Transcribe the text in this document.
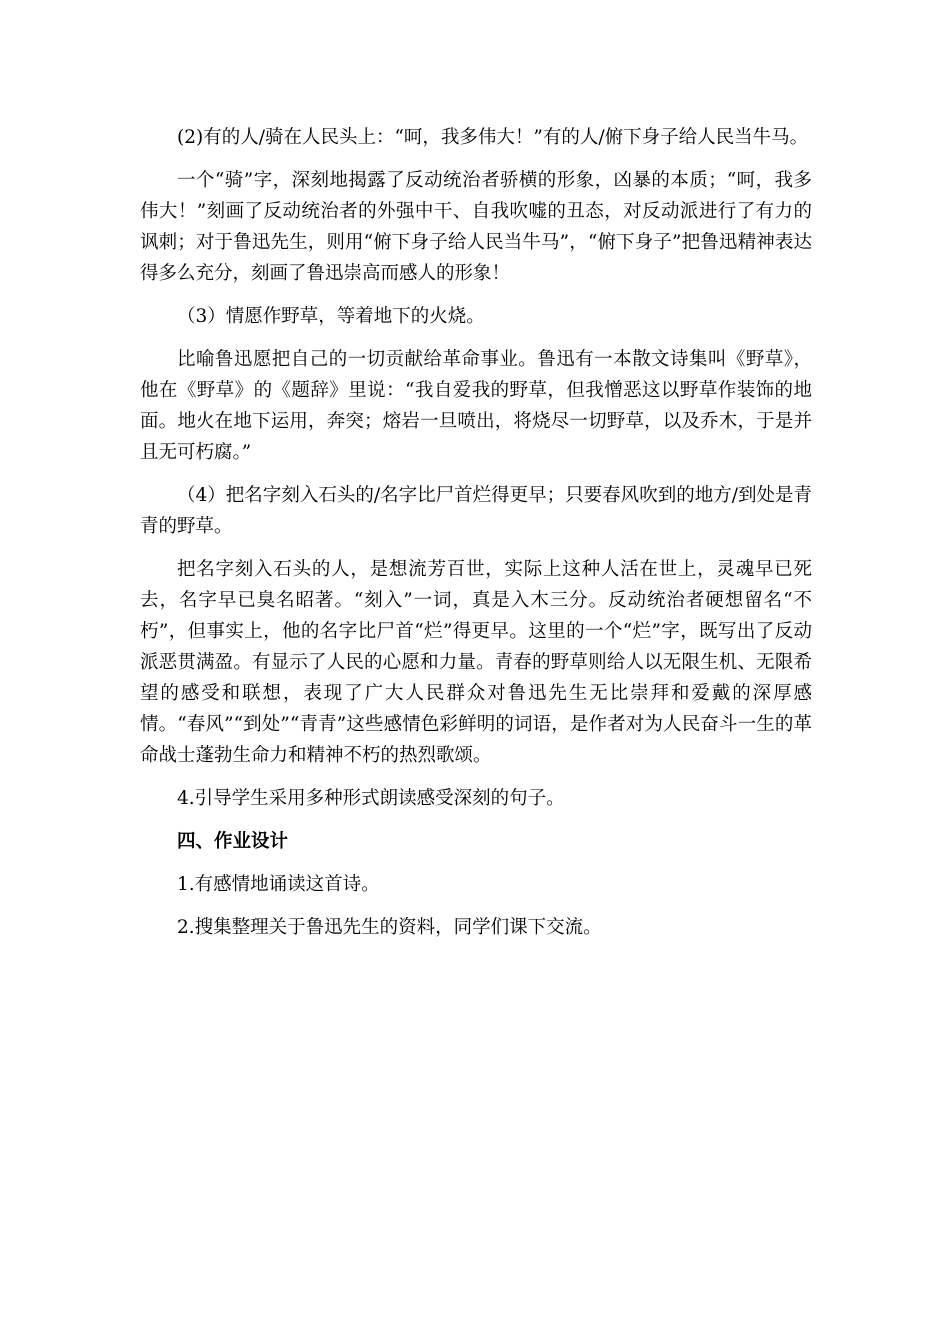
(2)有的人/骑在人民头上：“呵，我多伟大！”有的人/俯下身子给人民当牛马。

一个“骑”字，深刻地揭露了反动统治者骄横的形象，凶暴的本质；“呵，我多伟大！”刻画了反动统治者的外强中干、自我吹嘘的丑态，对反动派进行了有力的讽刺；对于鲁迅先生，则用“俯下身子给人民当牛马”，“俯下身子”把鲁迅精神表达得多么充分，刻画了鲁迅崇高而感人的形象！

（3）情愿作野草，等着地下的火烧。

比喻鲁迅愿把自己的一切贡献给革命事业。鲁迅有一本散文诗集叫《野草》，他在《野草》的《题辞》里说：“我自爱我的野草，但我憎恶这以野草作装饰的地面。地火在地下运用，奔突；熔岩一旦喷出，将烧尽一切野草，以及乔木，于是并且无可朽腐。”

（4）把名字刻入石头的/名字比尸首烂得更早；只要春风吹到的地方/到处是青青的野草。

把名字刻入石头的人，是想流芳百世，实际上这种人活在世上，灵魂早已死去，名字早已臭名昭著。“刻入”一词，真是入木三分。反动统治者硬想留名“不朽”，但事实上，他的名字比尸首“烂”得更早。这里的一个“烂”字，既写出了反动派恶贯满盈。有显示了人民的心愿和力量。青春的野草则给人以无限生机、无限希望的感受和联想，表现了广大人民群众对鲁迅先生无比崇拜和爱戴的深厚感情。“春风”“到处”“青青”这些感情色彩鲜明的词语，是作者对为人民奋斗一生的革命战士蓬勃生命力和精神不朽的热烈歌颂。

4.引导学生采用多种形式朗读感受深刻的句子。

四、作业设计

1.有感情地诵读这首诗。

2.搜集整理关于鲁迅先生的资料，同学们课下交流。
